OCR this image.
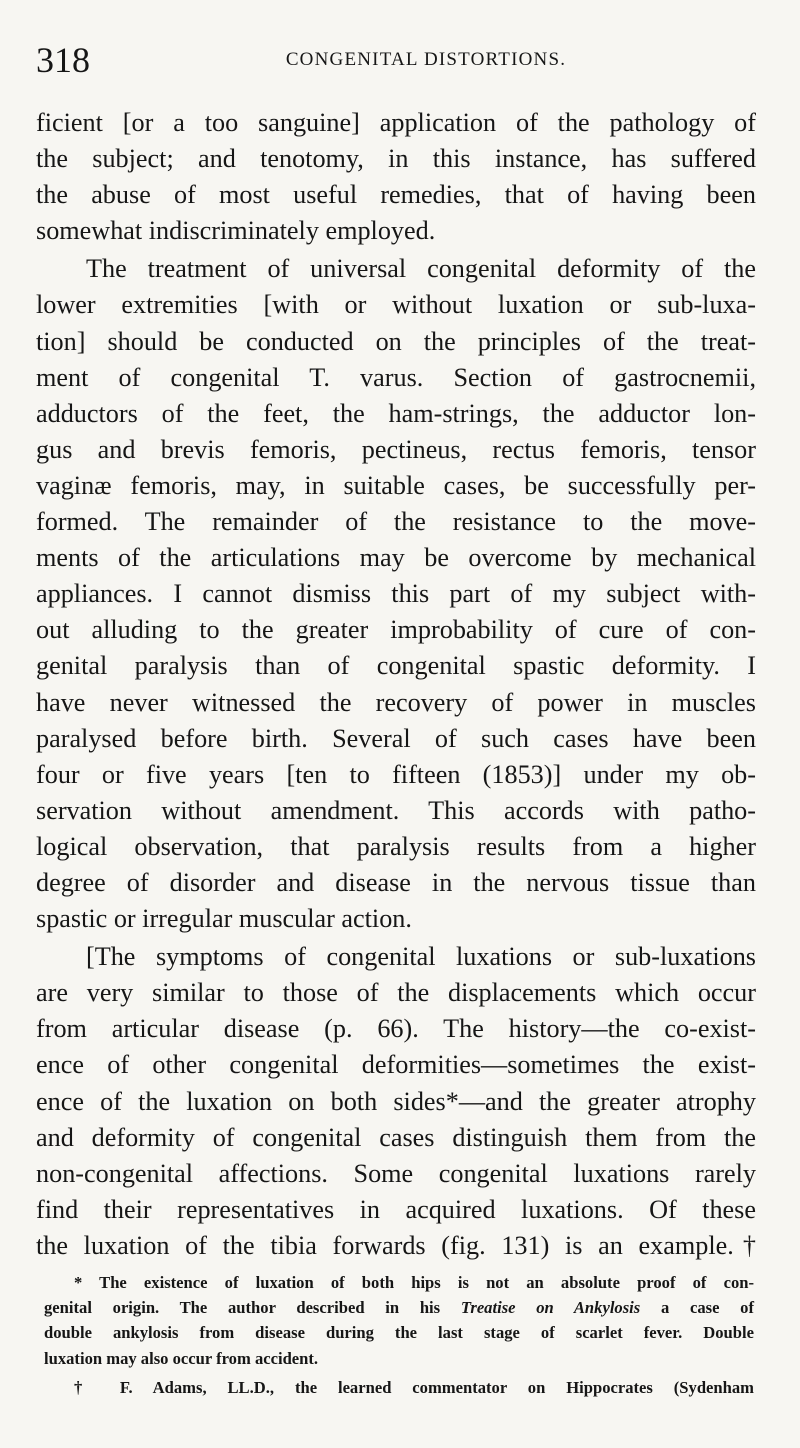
318	CONGENITAL DISTORTIONS.
ficient [or a too sanguine] application of the pathology of
the subject; and tenotomy, in this instance, has suffered
the abuse of most useful remedies, that of having been
somewhat indiscriminately employed.
The treatment of universal congenital deformity of the
lower extremities [with or without luxation or sub-luxa-
tion] should be conducted on the principles of the treat-
ment of congenital T. varus. Section of gastrocnemii,
adductors of the feet, the ham-strings, the adductor lon-
gus and brevis femoris, pectineus, rectus femoris, tensor
vaginæ femoris, may, in suitable cases, be successfully per-
formed. The remainder of the resistance to the move-
ments of the articulations may be overcome by mechanical
appliances. I cannot dismiss this part of my subject with-
out alluding to the greater improbability of cure of con-
genital paralysis than of congenital spastic deformity. I
have never witnessed the recovery of power in muscles
paralysed before birth. Several of such cases have been
four or five years [ten to fifteen (1853)] under my ob-
servation without amendment. This accords with patho-
logical observation, that paralysis results from a higher
degree of disorder and disease in the nervous tissue than
spastic or irregular muscular action.
[The symptoms of congenital luxations or sub-luxations
are very similar to those of the displacements which occur
from articular disease (p. 66). The history—the co-exist-
ence of other congenital deformities—sometimes the exist-
ence of the luxation on both sides*—and the greater atrophy
and deformity of congenital cases distinguish them from the
non-congenital affections. Some congenital luxations rarely
find their representatives in acquired luxations. Of these
the luxation of the tibia forwards (fig. 131) is an example.†
* The existence of luxation of both hips is not an absolute proof of con-
genital origin. The author described in his Treatise on Ankylosis a case of
double ankylosis from disease during the last stage of scarlet fever. Double
luxation may also occur from accident.
† F. Adams, LL.D., the learned commentator on Hippocrates (Sydenham
